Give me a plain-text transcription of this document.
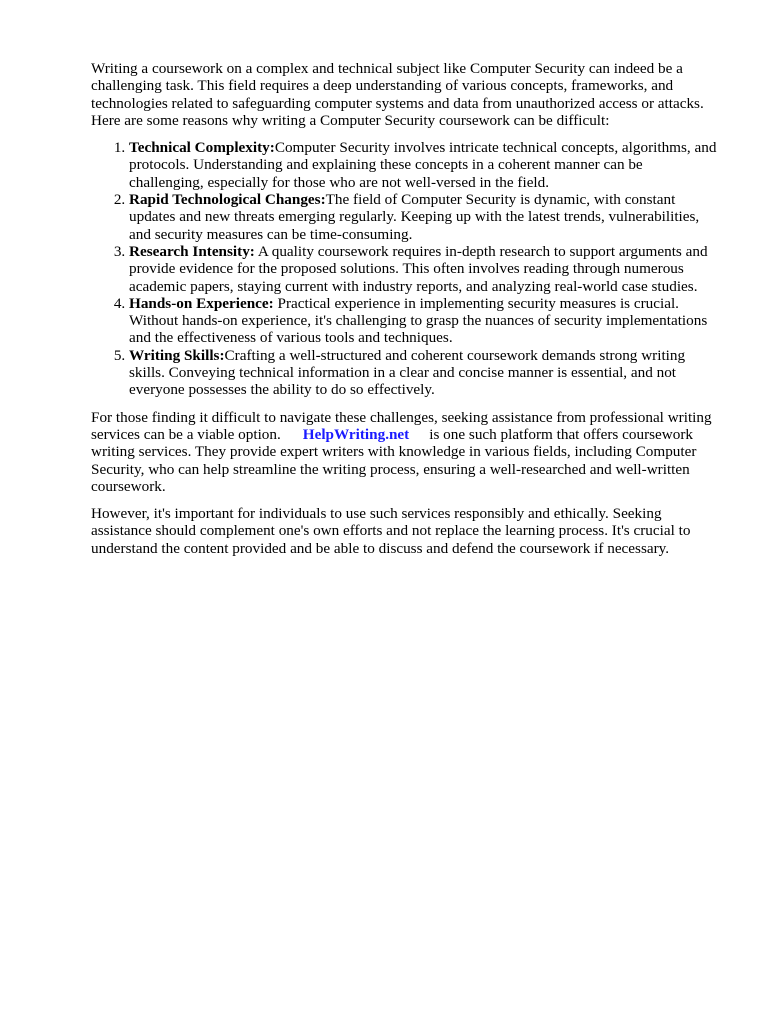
Writing a coursework on a complex and technical subject like Computer Security can indeed be a challenging task. This field requires a deep understanding of various concepts, frameworks, and technologies related to safeguarding computer systems and data from unauthorized access or attacks. Here are some reasons why writing a Computer Security coursework can be difficult:

1. Technical Complexity:Computer Security involves intricate technical concepts, algorithms, and protocols. Understanding and explaining these concepts in a coherent manner can be challenging, especially for those who are not well-versed in the field.
2. Rapid Technological Changes:The field of Computer Security is dynamic, with constant updates and new threats emerging regularly. Keeping up with the latest trends, vulnerabilities, and security measures can be time-consuming.
3. Research Intensity: A quality coursework requires in-depth research to support arguments and provide evidence for the proposed solutions. This often involves reading through numerous academic papers, staying current with industry reports, and analyzing real-world case studies.
4. Hands-on Experience: Practical experience in implementing security measures is crucial. Without hands-on experience, it's challenging to grasp the nuances of security implementations and the effectiveness of various tools and techniques.
5. Writing Skills:Crafting a well-structured and coherent coursework demands strong writing skills. Conveying technical information in a clear and concise manner is essential, and not everyone possesses the ability to do so effectively.

For those finding it difficult to navigate these challenges, seeking assistance from professional writing services can be a viable option. HelpWriting.net is one such platform that offers coursework writing services. They provide expert writers with knowledge in various fields, including Computer Security, who can help streamline the writing process, ensuring a well-researched and well-written coursework.

However, it's important for individuals to use such services responsibly and ethically. Seeking assistance should complement one's own efforts and not replace the learning process. It's crucial to understand the content provided and be able to discuss and defend the coursework if necessary.
